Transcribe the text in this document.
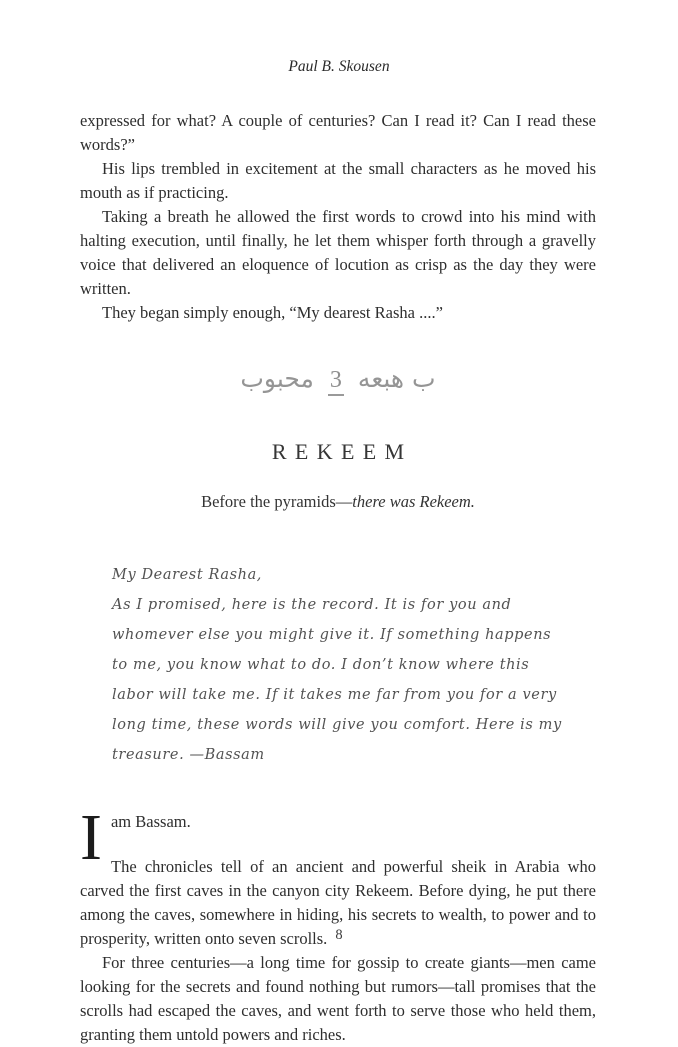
Paul B. Skousen

expressed for what? A couple of centuries? Can I read it? Can I read these words?”

His lips trembled in excitement at the small characters as he moved his mouth as if practicing.

Taking a breath he allowed the first words to crowd into his mind with halting execution, until finally, he let them whisper forth through a gravelly voice that delivered an eloquence of locution as crisp as the day they were written.

They began simply enough, “My dearest Rasha ....”

ب هبعه3محبوب
REKEEM

Before the pyramids—there was Rekeem.

My Dearest Rasha,

As I promised, here is the record. It is for you and whomever else you might give it. If something happens to me, you know what to do. I don’t know where this labor will take me. If it takes me far from you for a very long time, these words will give you comfort. Here is my treasure. —Bassam

I am Bassam.

The chronicles tell of an ancient and powerful sheik in Arabia who carved the first caves in the canyon city Rekeem. Before dying, he put there among the caves, somewhere in hiding, his secrets to wealth, to power and to prosperity, written onto seven scrolls.

For three centuries—a long time for gossip to create giants—men came looking for the secrets and found nothing but rumors—tall promises that the scrolls had escaped the caves, and went forth to serve those who held them, granting them untold powers and riches.

8
